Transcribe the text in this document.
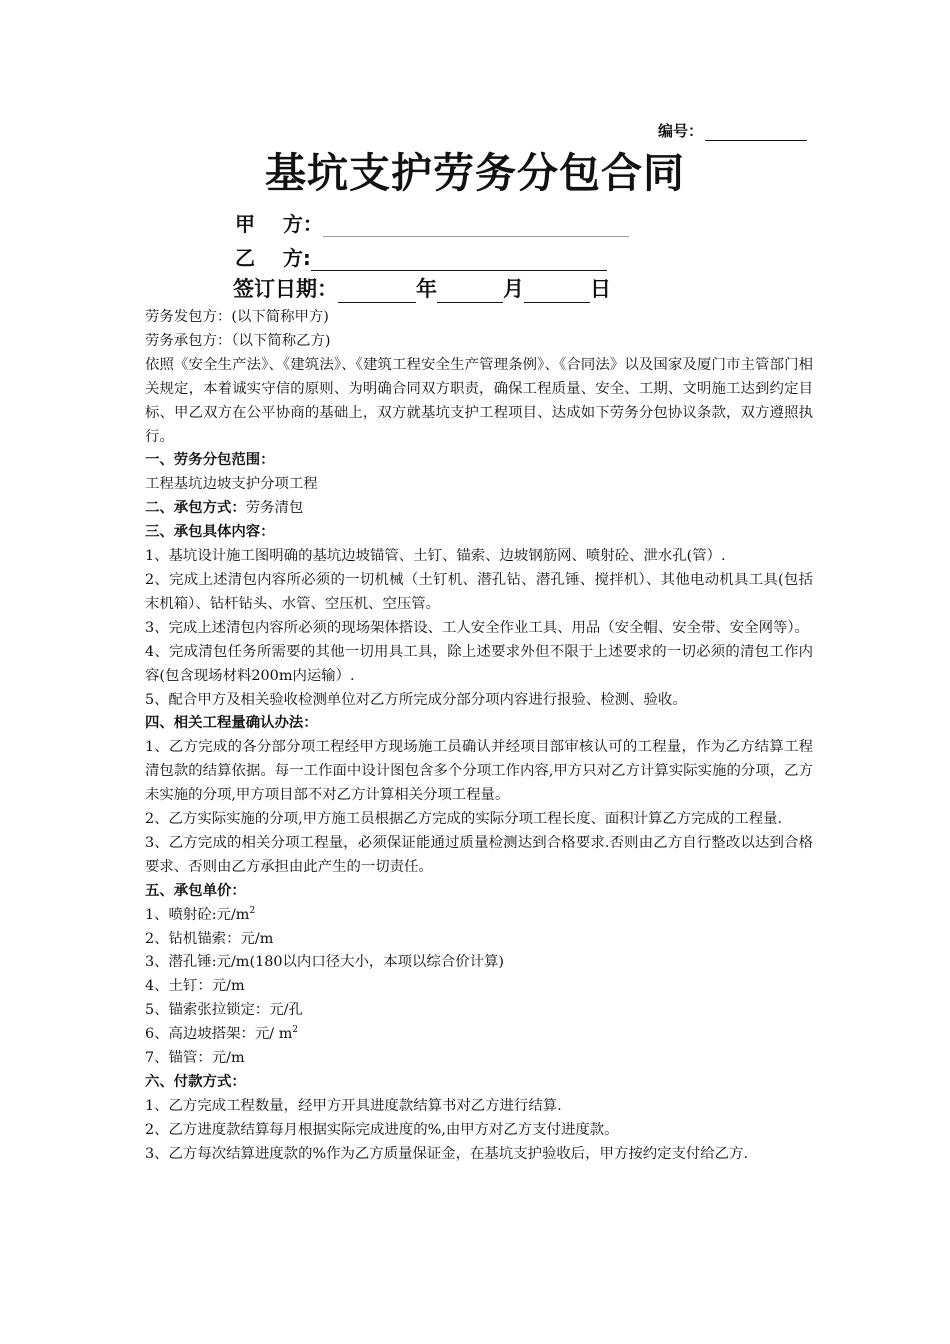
编号：
基坑支护劳务分包合同
甲    方：
乙    方:
签订日期：	年	月	日

劳务发包方：(以下简称甲方)

劳务承包方：（以下简称乙方)

依照《安全生产法》、《建筑法》、《建筑工程安全生产管理条例》、《合同法》以及国家及厦门市主管部门相关规定，本着诚实守信的原则、为明确合同双方职责，确保工程质量、安全、工期、文明施工达到约定目标、甲乙双方在公平协商的基础上，双方就基坑支护工程项目、达成如下劳务分包协议条款，双方遵照执行。

一、劳务分包范围：

工程基坑边坡支护分项工程

二、承包方式：劳务清包

三、承包具体内容：

1、基坑设计施工图明确的基坑边坡锚管、土钉、锚索、边坡钢筋网、喷射砼、泄水孔(管）.

2、完成上述清包内容所必须的一切机械（土钉机、潜孔钻、潜孔锤、搅拌机）、其他电动机具工具(包括末机箱）、钻杆钻头、水管、空压机、空压管。

3、完成上述清包内容所必须的现场架体搭设、工人安全作业工具、用品（安全帽、安全带、安全网等）。

4、完成清包任务所需要的其他一切用具工具，除上述要求外但不限于上述要求的一切必须的清包工作内容(包含现场材料200m内运输）.

5、配合甲方及相关验收检测单位对乙方所完成分部分项内容进行报验、检测、验收。

四、相关工程量确认办法：

1、乙方完成的各分部分项工程经甲方现场施工员确认并经项目部审核认可的工程量，作为乙方结算工程清包款的结算依据。每一工作面中设计图包含多个分项工作内容,甲方只对乙方计算实际实施的分项，乙方未实施的分项,甲方项目部不对乙方计算相关分项工程量。

2、乙方实际实施的分项,甲方施工员根据乙方完成的实际分项工程长度、面积计算乙方完成的工程量.

3、乙方完成的相关分项工程量，必须保证能通过质量检测达到合格要求.否则由乙方自行整改以达到合格要求、否则由乙方承担由此产生的一切责任。

五、承包单价：

1、喷射砼:元$/m^2$

2、钻机锚索：元/m

3、潜孔锤:元/m(180以内口径大小，本项以综合价计算)

4、土钉：元/m

5、锚索张拉锁定：元/孔

6、高边坡搭架：元/ $m^2$

7、锚管：元/m

六、付款方式：

1、乙方完成工程数量，经甲方开具进度款结算书对乙方进行结算.

2、乙方进度款结算每月根据实际完成进度的%,由甲方对乙方支付进度款。

3、乙方每次结算进度款的%作为乙方质量保证金，在基坑支护验收后，甲方按约定支付给乙方.
